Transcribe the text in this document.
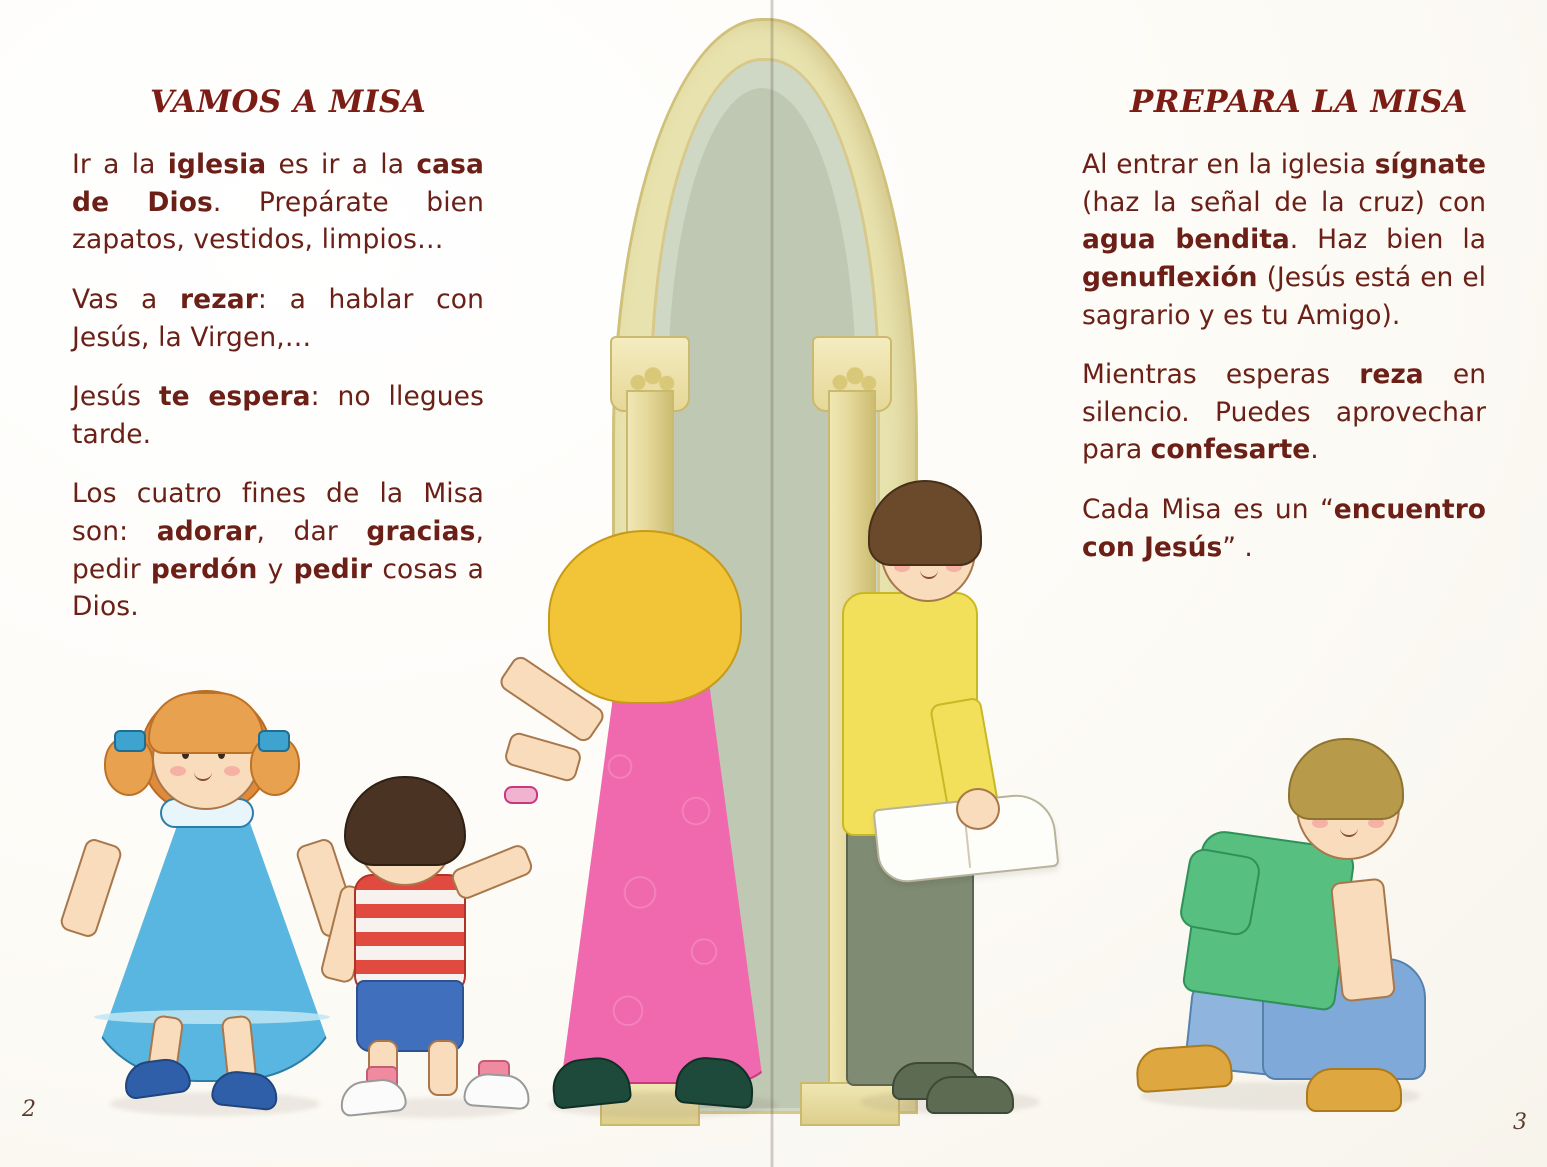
VAMOS A MISA

Ir a la iglesia es ir a la casa de Dios. Prepárate bien zapatos, vestidos, limpios…

Vas a rezar: a hablar con Jesús, la Virgen,…

Jesús te espera: no llegues tarde.

Los cuatro fines de la Misa son: adorar, dar gracias, pedir perdón y pedir cosas a Dios.

PREPARA LA MISA

Al entrar en la iglesia sígnate (haz la señal de la cruz) con agua bendita. Haz bien la genuflexión (Jesús está en el sagrario y es tu Amigo).

Mientras esperas reza en silencio. Puedes aprovechar para confesarte.

Cada Misa es un “encuentro con Jesús” .

2
3
